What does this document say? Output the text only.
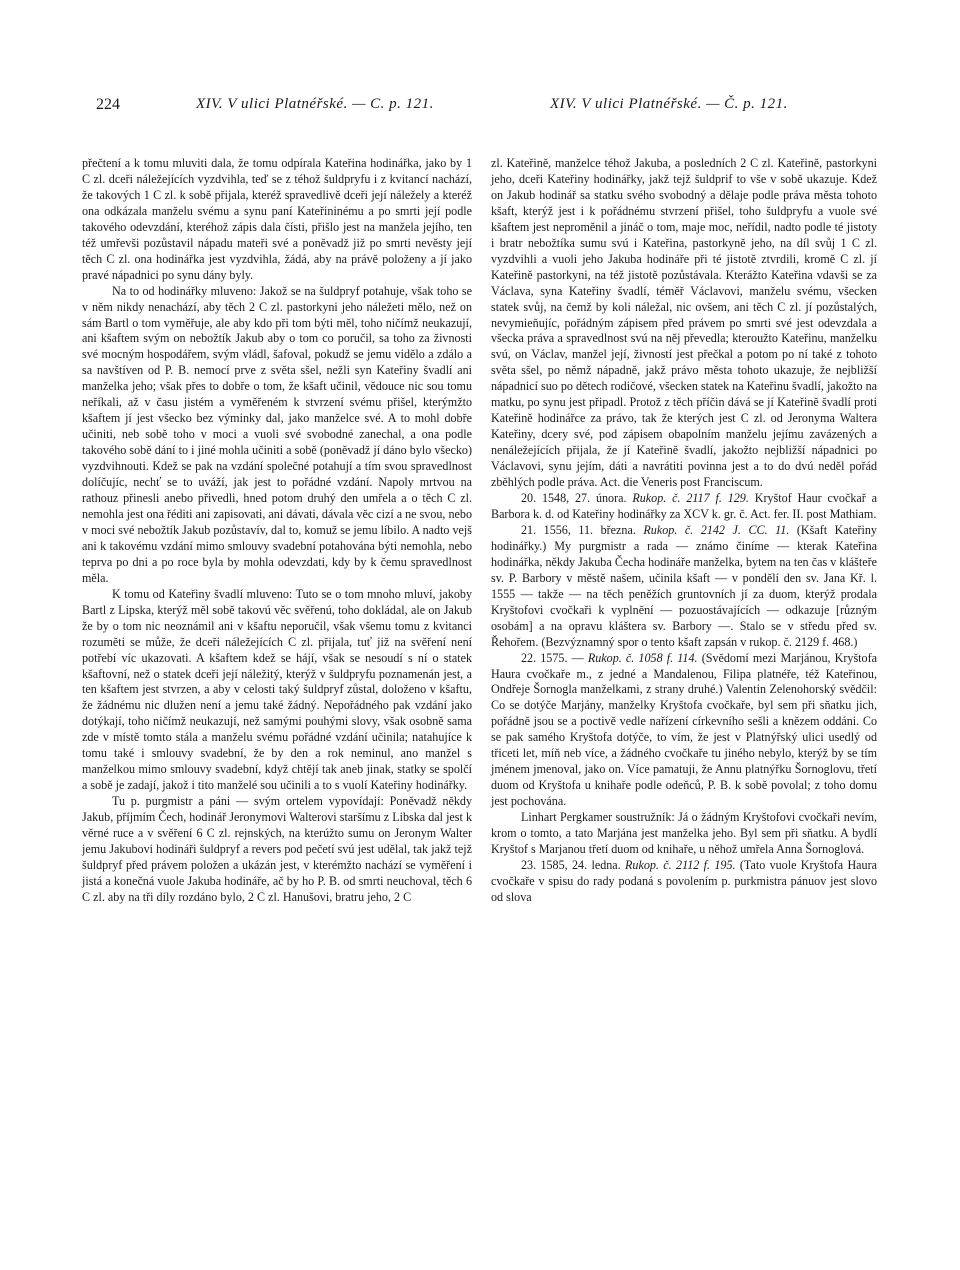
224	XIV. V ulici Platnéřské. — C. p. 121.	XIV. V ulici Platnéřské. — Č. p. 121.

přečtení a k tomu mluviti dala, že tomu odpírala Kateřina hodinářka, jako by 1 C zl. dceři náležejících vyzdvihla, teď se z téhož šuldpryfu i z kvitancí nachází, že takových 1 C zl. k sobě přijala, kteréž spravedlivě dceři její náležely a kteréž ona odkázala manželu svému a synu paní Kateřininému a po smrti její podle takového odevzdání, kteréhož zápis dala čísti, přišlo jest na manžela jejího, ten též umřevši pozůstavil nápadu mateři své a poněvadž již po smrti nevěsty její těch C zl. ona hodinářka jest vyzdvihla, žádá, aby na právě položeny a jí jako pravé nápadnici po synu dány byly.

Na to od hodinářky mluveno: Jakož se na šuldpryf potahuje, však toho se v něm nikdy nenachází, aby těch 2 C zl. pastorkyni jeho náležeti mělo, než on sám Bartl o tom vyměřuje, ale aby kdo při tom býti měl, toho ničímž neukazují, ani kšaftem svým on nebožtík Jakub aby o tom co poručil, sa toho za živnosti své mocným hospodářem, svým vládl, šafoval, pokudž se jemu vidělo a zdálo a sa navštíven od P. B. nemocí prve z světa sšel, nežli syn Kateřiny švadlí ani manželka jeho; však přes to dobře o tom, že kšaft učinil, vědouce nic sou tomu neříkali, až v času jistém a vyměřeném k stvrzení svému přišel, kterýmžto kšaftem jí jest všecko bez výminky dal, jako manželce své. A to mohl dobře učiniti, neb sobě toho v moci a vuoli své svobodné zanechal, a ona podle takového sobě dání to i jiné mohla učiniti a sobě (poněvadž jí dáno bylo všecko) vyzdvihnouti. Kdež se pak na vzdání společné potahují a tím svou spravedlnost dolíčujíc, nechť se to uváží, jak jest to pořádné vzdání. Napoly mrtvou na rathouz přinesli anebo přivedli, hned potom druhý den umřela a o těch C zl. nemohla jest ona řéditi ani zapisovati, ani dávati, dávala věc cizí a ne svou, nebo v moci své nebožtík Jakub pozůstavív, dal to, komuž se jemu líbilo. A nadto vejš ani k takovému vzdání mimo smlouvy svadební potahována býti nemohla, nebo teprva po dni a po roce byla by mohla odevzdati, kdy by k čemu spravedlnost měla.

K tomu od Kateřiny švadlí mluveno: Tuto se o tom mnoho mluví, jakoby Bartl z Lipska, kterýž měl sobě takovú věc svěřenú, toho dokládal, ale on Jakub že by o tom nic neoznámil ani v kšaftu neporučil, však všemu tomu z kvitanci rozuměti se může, že dceři náležejících C zl. přijala, tuť již na svěření není potřebí víc ukazovati. A kšaftem kdež se hájí, však se nesoudí s ní o statek kšaftovní, než o statek dceři její náležitý, kterýž v šuldpryfu poznamenán jest, a ten kšaftem jest stvrzen, a aby v celosti taký šuldpryf zůstal, doloženo v kšaftu, že žádnému nic dlužen není a jemu také žádný. Nepořádného pak vzdání jako dotýkají, toho ničímž neukazují, než samými pouhými slovy, však osobně sama zde v místě tomto stála a manželu svému pořádné vzdání učinila; natahujíce k tomu také i smlouvy svadební, že by den a rok neminul, ano manžel s manželkou mimo smlouvy svadební, když chtějí tak aneb jinak, statky se spolčí a sobě je zadají, jakož i tito manželé sou učinili a to s vuolí Kateřiny hodinářky.

Tu p. purgmistr a páni — svým ortelem vypovídají: Poněvadž někdy Jakub, příjmím Čech, hodinář Jeronymovi Walterovi staršímu z Libska dal jest k věrné ruce a v svěření 6 C zl. rejnských, na kterúžto sumu on Jeronym Walter jemu Jakubovi hodináři šuldpryf a revers pod pečetí svú jest udělal, tak jakž tejž šuldpryf před právem položen a ukázán jest, v kterémžto nachází se vyměření i jistá a konečná vuole Jakuba hodináře, ač by ho P. B. od smrti neuchoval, těch 6 C zl. aby na tři díly rozdáno bylo, 2 C zl. Hanušovi, bratru jeho, 2 C

zl. Kateřině, manželce téhož Jakuba, a posledních 2 C zl. Kateřině, pastorkyni jeho, dceři Kateřiny hodinářky, jakž tejž šuldprif to vše v sobě ukazuje. Kdež on Jakub hodinář sa statku svého svobodný a dělaje podle práva města tohoto kšaft, kterýž jest i k pořádnému stvrzení přišel, toho šuldpryfu a vuole své kšaftem jest neproměnil a jináč o tom, maje moc, neřídil, nadto podle té jistoty i bratr nebožtíka sumu svú i Kateřina, pastorkyně jeho, na díl svůj 1 C zl. vyzdvihli a vuoli jeho Jakuba hodináře při té jistotě ztvrdili, kromě C zl. jí Kateřině pastorkyni, na též jistotě pozůstávala. Kterážto Kateřina vdavši se za Václava, syna Kateřiny švadlí, téměř Václavovi, manželu svému, všecken statek svůj, na čemž by koli náležal, nic ovšem, ani těch C zl. jí pozůstalých, nevymieňujíc, pořádným zápisem před právem po smrti své jest odevzdala a všecka práva a spravedlnost svú na něj převedla; kteroužto Kateřinu, manželku svú, on Václav, manžel její, živností jest přečkal a potom po ní také z tohoto světa sšel, po němž nápadně, jakž právo města tohoto ukazuje, že nejbližší nápadnicí suo po dětech rodičové, všecken statek na Kateřinu švadlí, jakožto na matku, po synu jest připadl. Protož z těch příčin dává se jí Kateřině švadlí proti Kateřině hodinářce za právo, tak že kterých jest C zl. od Jeronyma Waltera Kateřiny, dcery své, pod zápisem obapolním manželu jejímu zavázených a nenáležejících přijala, že jí Kateřině švadlí, jakožto nejbližší nápadnici po Václavovi, synu jejím, dáti a navrátiti povinna jest a to do dvú neděl pořád zběhlých podle práva. Act. die Veneris post Franciscum.

20. 1548, 27. února. Rukop. č. 2117 f. 129. Kryštof Haur cvočkař a Barbora k. d. od Kateřiny hodinářky za XCV k. gr. č. Act. fer. II. post Mathiam.

21. 1556, 11. března. Rukop. č. 2142 J. CC. 11. (Kšaft Kateřiny hodinářky.) My purgmistr a rada — známo činíme — kterak Kateřina hodinářka, někdy Jakuba Čecha hodináře manželka, bytem na ten čas v klášteře sv. P. Barbory v městě našem, učinila kšaft — v pondělí den sv. Jana Kř. l. 1555 — takže — na těch peněžích gruntovních jí za duom, kterýž prodala Kryštofovi cvočkaři k vyplnění — pozuostávajících — odkazuje [různým osobám] a na opravu kláštera sv. Barbory —. Stalo se v středu před sv. Řehořem. (Bezvýznamný spor o tento kšaft zapsán v rukop. č. 2129 f. 468.)

22. 1575. — Rukop. č. 1058 f. 114. (Svědomí mezi Marjánou, Kryštofa Haura cvočkaře m., z jedné a Mandalenou, Filipa platnéře, též Kateřinou, Ondřeje Šornogla manželkami, z strany druhé.) Valentin Zelenohorský svědčil: Co se dotýče Marjány, manželky Kryštofa cvočkaře, byl sem při sňatku jich, pořádně jsou se a poctivě vedle nařízení církevního sešli a knězem oddáni. Co se pak samého Kryštofa dotýče, to vím, že jest v Platnýřský ulici usedlý od třiceti let, míň neb více, a žádného cvočkaře tu jiného nebylo, kterýž by se tím jménem jmenoval, jako on. Více pamatuji, že Annu platnýřku Šornoglovu, třetí duom od Kryštofa u knihaře podle odeňců, P. B. k sobě povolal; z toho domu jest pochována.

Linhart Pergkamer soustružník: Já o žádným Kryštofovi cvočkaři nevím, krom o tomto, a tato Marjána jest manželka jeho. Byl sem při sňatku. A bydlí Kryštof s Marjanou třetí duom od knihaře, u něhož umřela Anna Šornoglová.

23. 1585, 24. ledna. Rukop. č. 2112 f. 195. (Tato vuole Kryštofa Haura cvočkaře v spisu do rady podaná s povolením p. purkmistra pánuov jest slovo od slova
